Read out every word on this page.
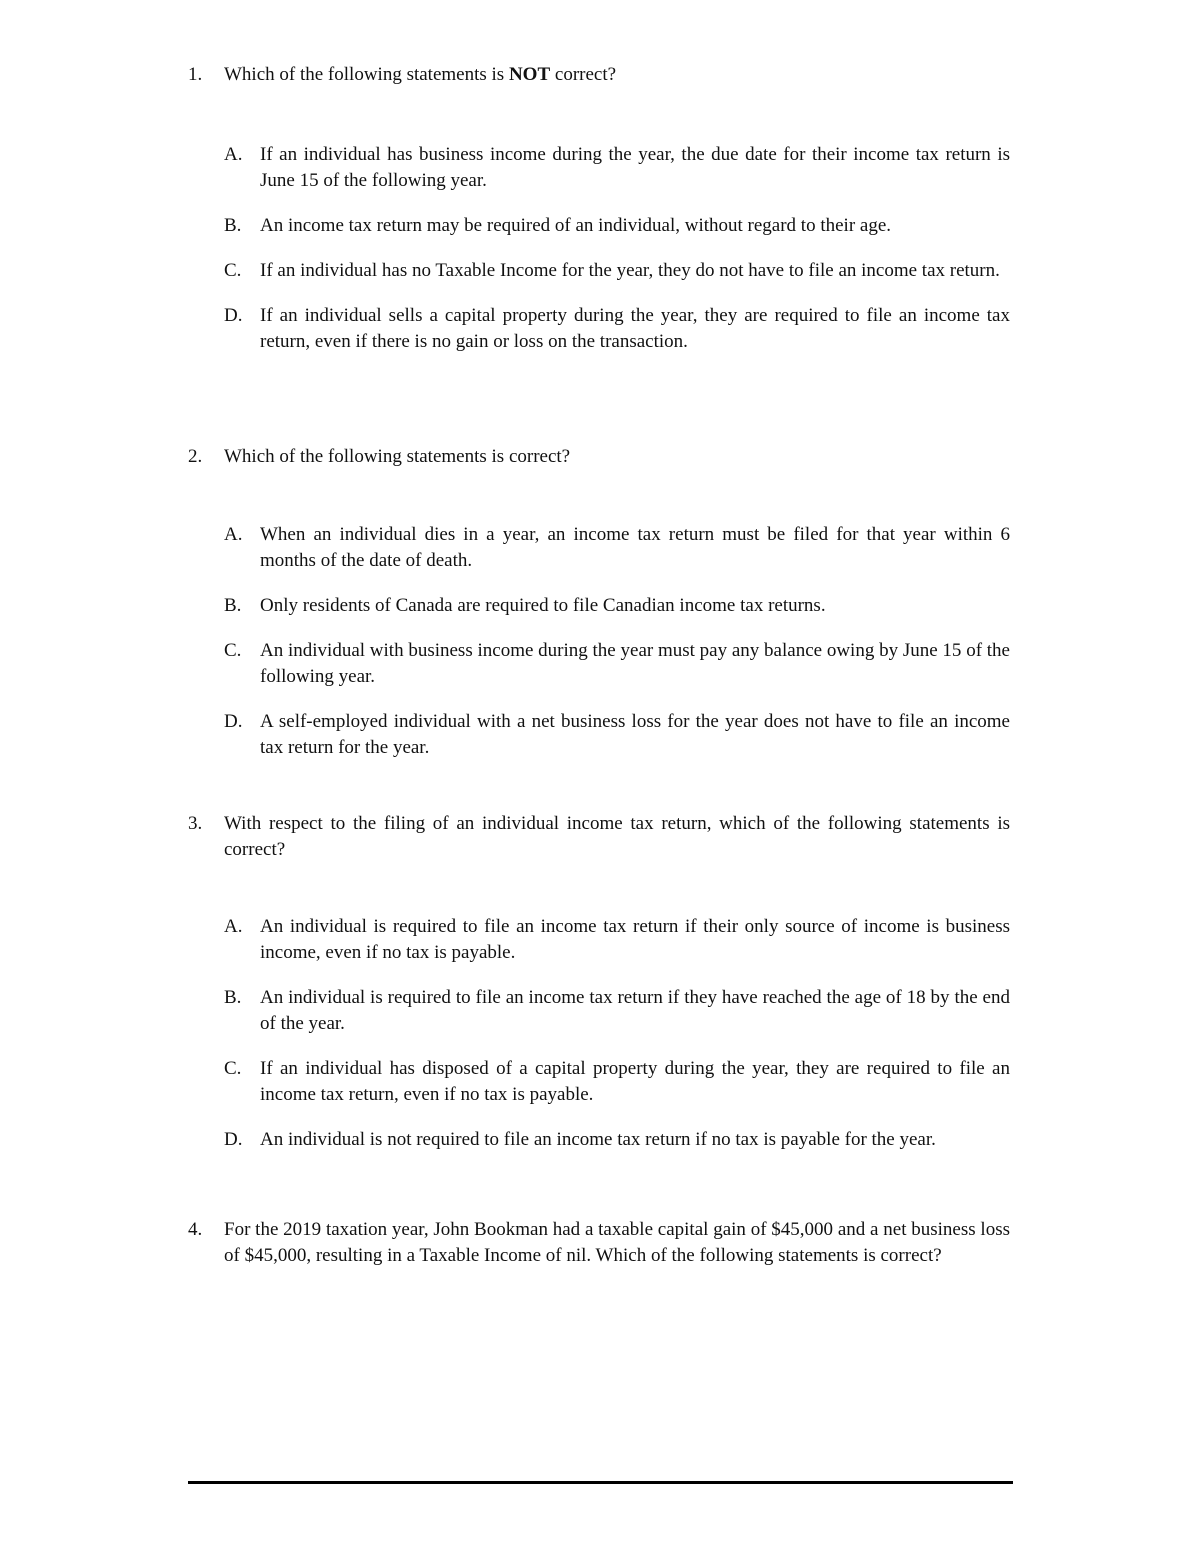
1. Which of the following statements is NOT correct?
A. If an individual has business income during the year, the due date for their income tax return is June 15 of the following year.
B. An income tax return may be required of an individual, without regard to their age.
C. If an individual has no Taxable Income for the year, they do not have to file an income tax return.
D. If an individual sells a capital property during the year, they are required to file an income tax return, even if there is no gain or loss on the transaction.
2. Which of the following statements is correct?
A. When an individual dies in a year, an income tax return must be filed for that year within 6 months of the date of death.
B. Only residents of Canada are required to file Canadian income tax returns.
C. An individual with business income during the year must pay any balance owing by June 15 of the following year.
D. A self-employed individual with a net business loss for the year does not have to file an income tax return for the year.
3. With respect to the filing of an individual income tax return, which of the following statements is correct?
A. An individual is required to file an income tax return if their only source of income is business income, even if no tax is payable.
B. An individual is required to file an income tax return if they have reached the age of 18 by the end of the year.
C. If an individual has disposed of a capital property during the year, they are required to file an income tax return, even if no tax is payable.
D. An individual is not required to file an income tax return if no tax is payable for the year.
4. For the 2019 taxation year, John Bookman had a taxable capital gain of $45,000 and a net business loss of $45,000, resulting in a Taxable Income of nil. Which of the following statements is correct?
